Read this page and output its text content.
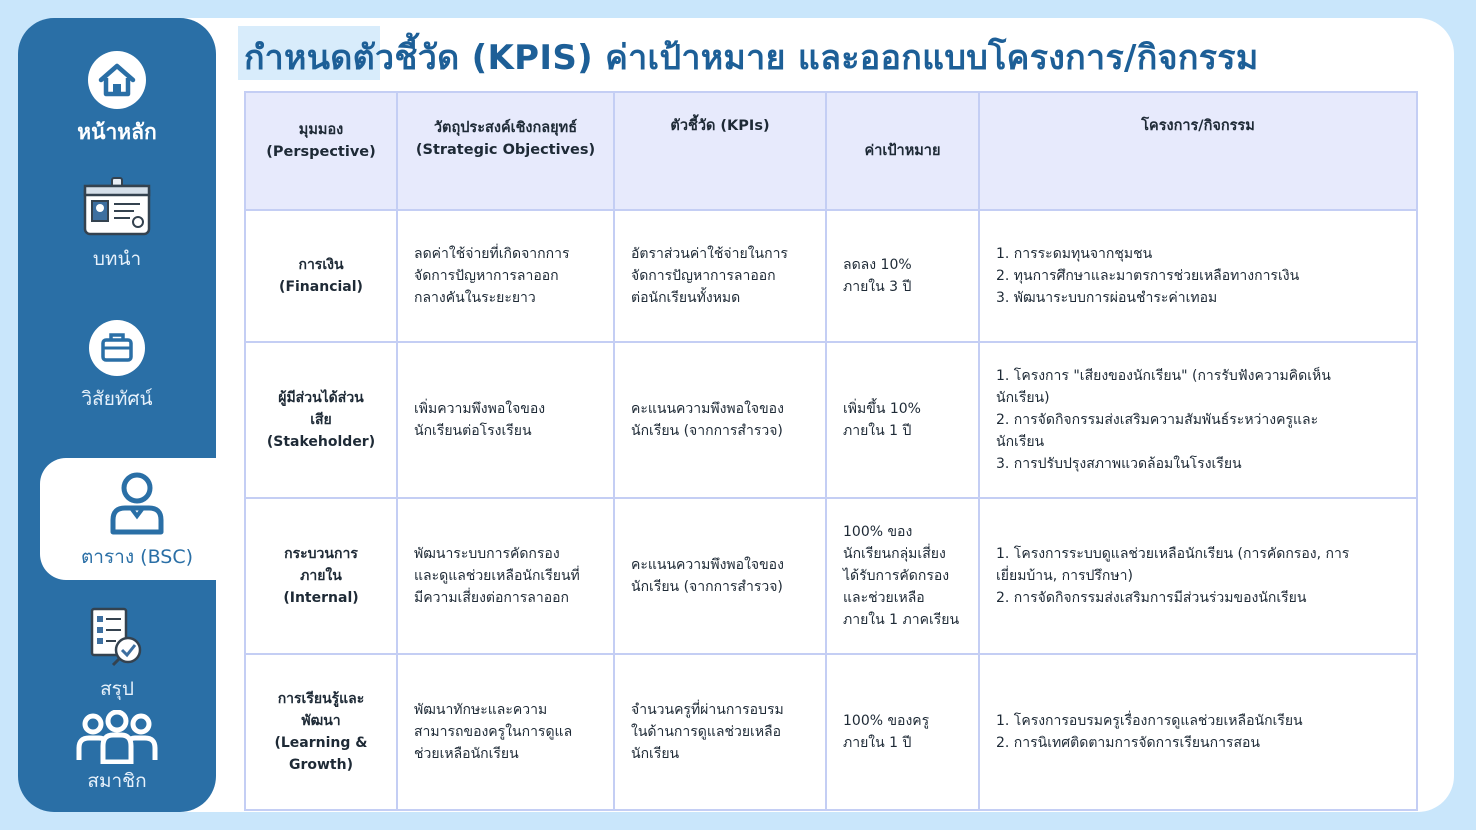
หน้าหลัก
บทนำ
วิสัยทัศน์
ตาราง (BSC)
สรุป
สมาชิก
กำหนดตัวชี้วัด (KPIS) ค่าเป้าหมาย และออกแบบโครงการ/กิจกรรม
มุมมอง
(Perspective)	วัตถุประสงค์เชิงกลยุทธ์
(Strategic Objectives)	ตัวชี้วัด (KPIs)	ค่าเป้าหมาย	โครงการ/กิจกรรม

การเงิน
(Financial)	ลดค่าใช้จ่ายที่เกิดจากการ
จัดการปัญหาการลาออก
กลางคันในระยะยาว	อัตราส่วนค่าใช้จ่ายในการ
จัดการปัญหาการลาออก
ต่อนักเรียนทั้งหมด	ลดลง 10%
ภายใน 3 ปี	1. การระดมทุนจากชุมชน
2. ทุนการศึกษาและมาตรการช่วยเหลือทางการเงิน
3. พัฒนาระบบการผ่อนชำระค่าเทอม

ผู้มีส่วนได้ส่วน
เสีย
(Stakeholder)	เพิ่มความพึงพอใจของ
นักเรียนต่อโรงเรียน	คะแนนความพึงพอใจของ
นักเรียน (จากการสำรวจ)	เพิ่มขึ้น 10%
ภายใน 1 ปี	1. โครงการ "เสียงของนักเรียน" (การรับฟังความคิดเห็น
นักเรียน)
2. การจัดกิจกรรมส่งเสริมความสัมพันธ์ระหว่างครูและ
นักเรียน
3. การปรับปรุงสภาพแวดล้อมในโรงเรียน

กระบวนการ
ภายใน
(Internal)	พัฒนาระบบการคัดกรอง
และดูแลช่วยเหลือนักเรียนที่
มีความเสี่ยงต่อการลาออก	คะแนนความพึงพอใจของ
นักเรียน (จากการสำรวจ)	100% ของ
นักเรียนกลุ่มเสี่ยง
ได้รับการคัดกรอง
และช่วยเหลือ
ภายใน 1 ภาคเรียน	1. โครงการระบบดูแลช่วยเหลือนักเรียน (การคัดกรอง, การ
เยี่ยมบ้าน, การปรึกษา)
2. การจัดกิจกรรมส่งเสริมการมีส่วนร่วมของนักเรียน

การเรียนรู้และ
พัฒนา
(Learning &
Growth)	พัฒนาทักษะและความ
สามารถของครูในการดูแล
ช่วยเหลือนักเรียน	จำนวนครูที่ผ่านการอบรม
ในด้านการดูแลช่วยเหลือ
นักเรียน	100% ของครู
ภายใน 1 ปี	1. โครงการอบรมครูเรื่องการดูแลช่วยเหลือนักเรียน
2. การนิเทศติดตามการจัดการเรียนการสอน
